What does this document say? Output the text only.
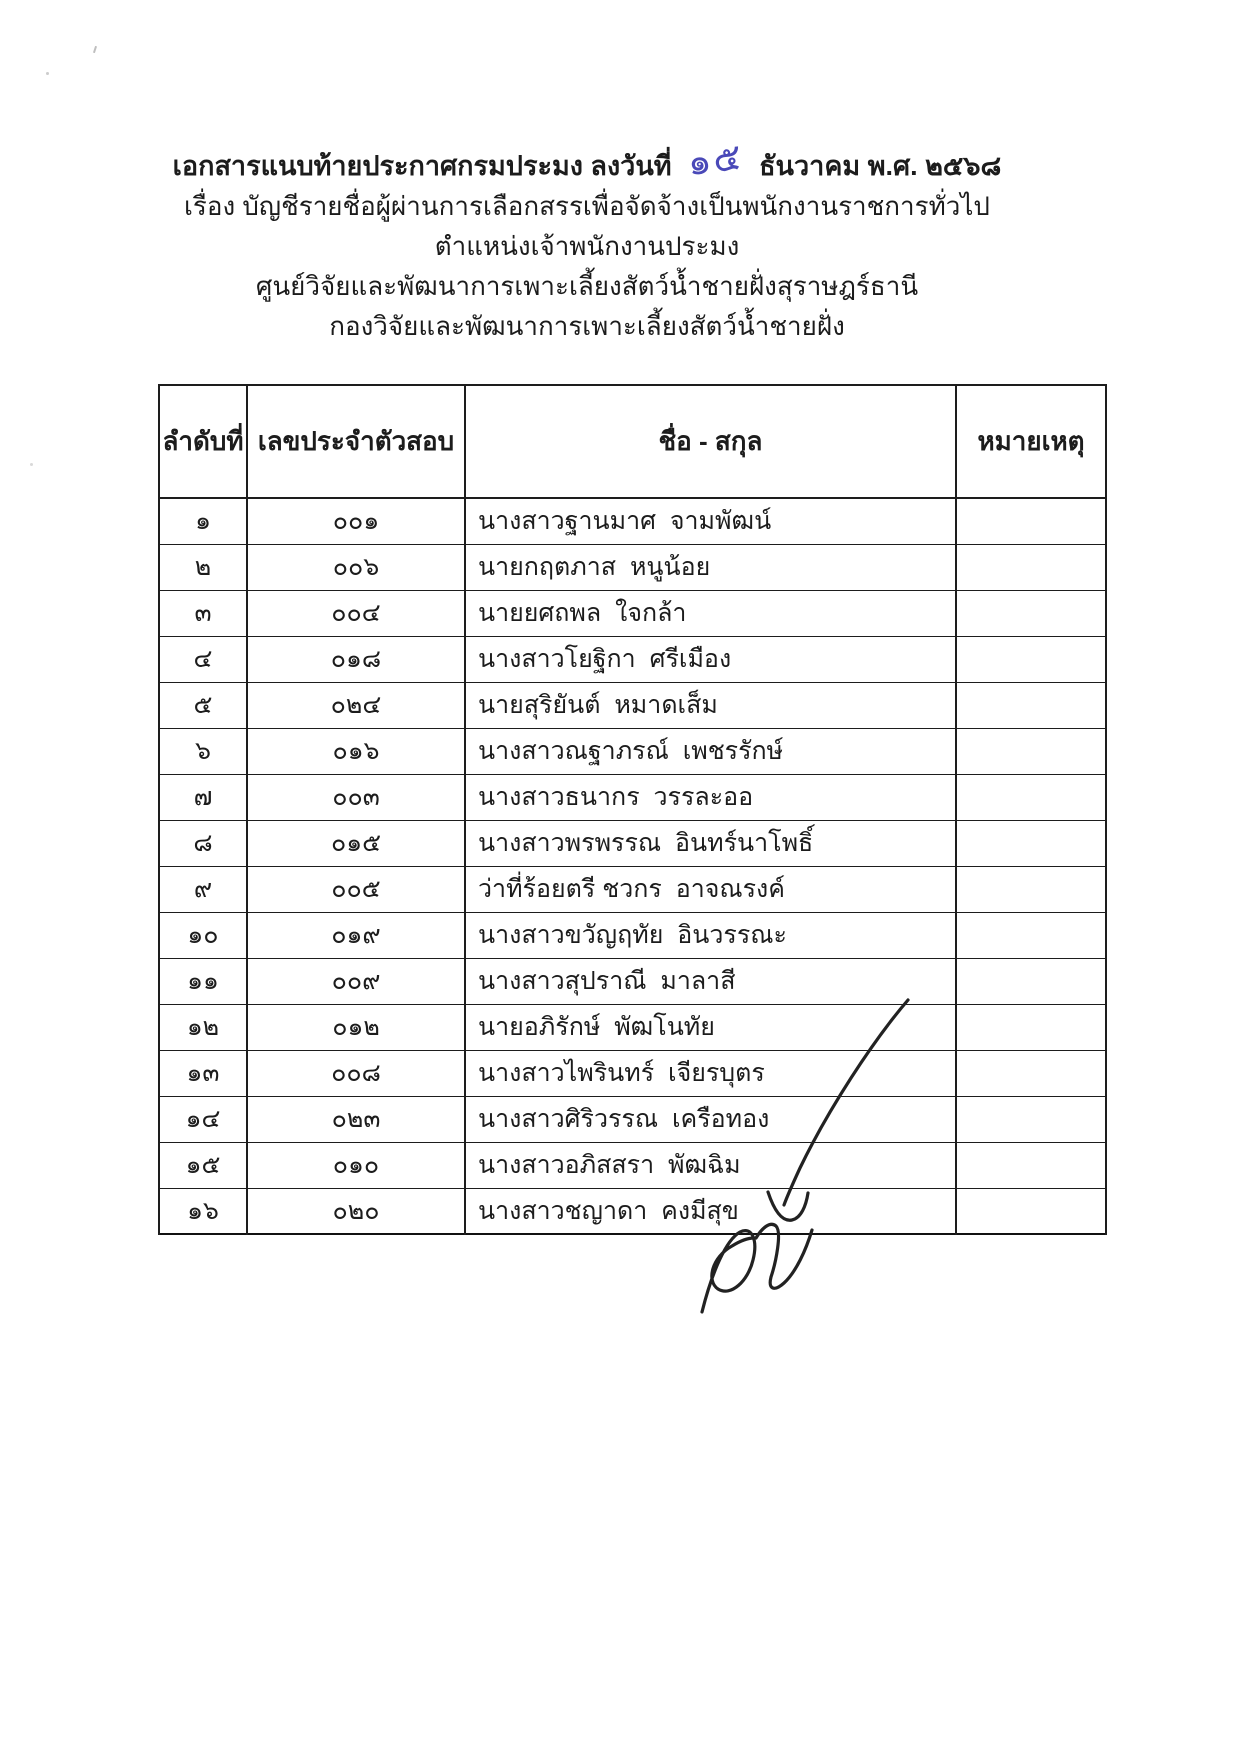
เอกสารแนบท้ายประกาศกรมประมง ลงวันที่ ๑๕ ธันวาคม พ.ศ. ๒๕๖๘
เรื่อง บัญชีรายชื่อผู้ผ่านการเลือกสรรเพื่อจัดจ้างเป็นพนักงานราชการทั่วไป
ตำแหน่งเจ้าพนักงานประมง
ศูนย์วิจัยและพัฒนาการเพาะเลี้ยงสัตว์น้ำชายฝั่งสุราษฎร์ธานี
กองวิจัยและพัฒนาการเพาะเลี้ยงสัตว์น้ำชายฝั่ง
ลำดับที่	เลขประจำตัวสอบ	ชื่อ - สกุล	หมายเหตุ
๑	๐๐๑	นางสาวฐานมาศ  จามพัฒน์	
๒	๐๐๖	นายกฤตภาส  หนูน้อย	
๓	๐๐๔	นายยศถพล  ใจกล้า	
๔	๐๑๘	นางสาวโยฐิกา  ศรีเมือง	
๕	๐๒๔	นายสุริยันต์  หมาดเส็ม	
๖	๐๑๖	นางสาวณฐาภรณ์  เพชรรักษ์	
๗	๐๐๓	นางสาวธนากร  วรรละออ	
๘	๐๑๕	นางสาวพรพรรณ  อินทร์นาโพธิ์	
๙	๐๐๕	ว่าที่ร้อยตรี ชวกร  อาจณรงค์	
๑๐	๐๑๙	นางสาวขวัญฤทัย  อินวรรณะ	
๑๑	๐๐๙	นางสาวสุปราณี  มาลาสี	
๑๒	๐๑๒	นายอภิรักษ์  พัฒโนทัย	
๑๓	๐๐๘	นางสาวไพรินทร์  เจียรบุตร	
๑๔	๐๒๓	นางสาวศิริวรรณ  เครือทอง	
๑๕	๐๑๐	นางสาวอภิสสรา  พัฒฉิม	
๑๖	๐๒๐	นางสาวชญาดา  คงมีสุข	
